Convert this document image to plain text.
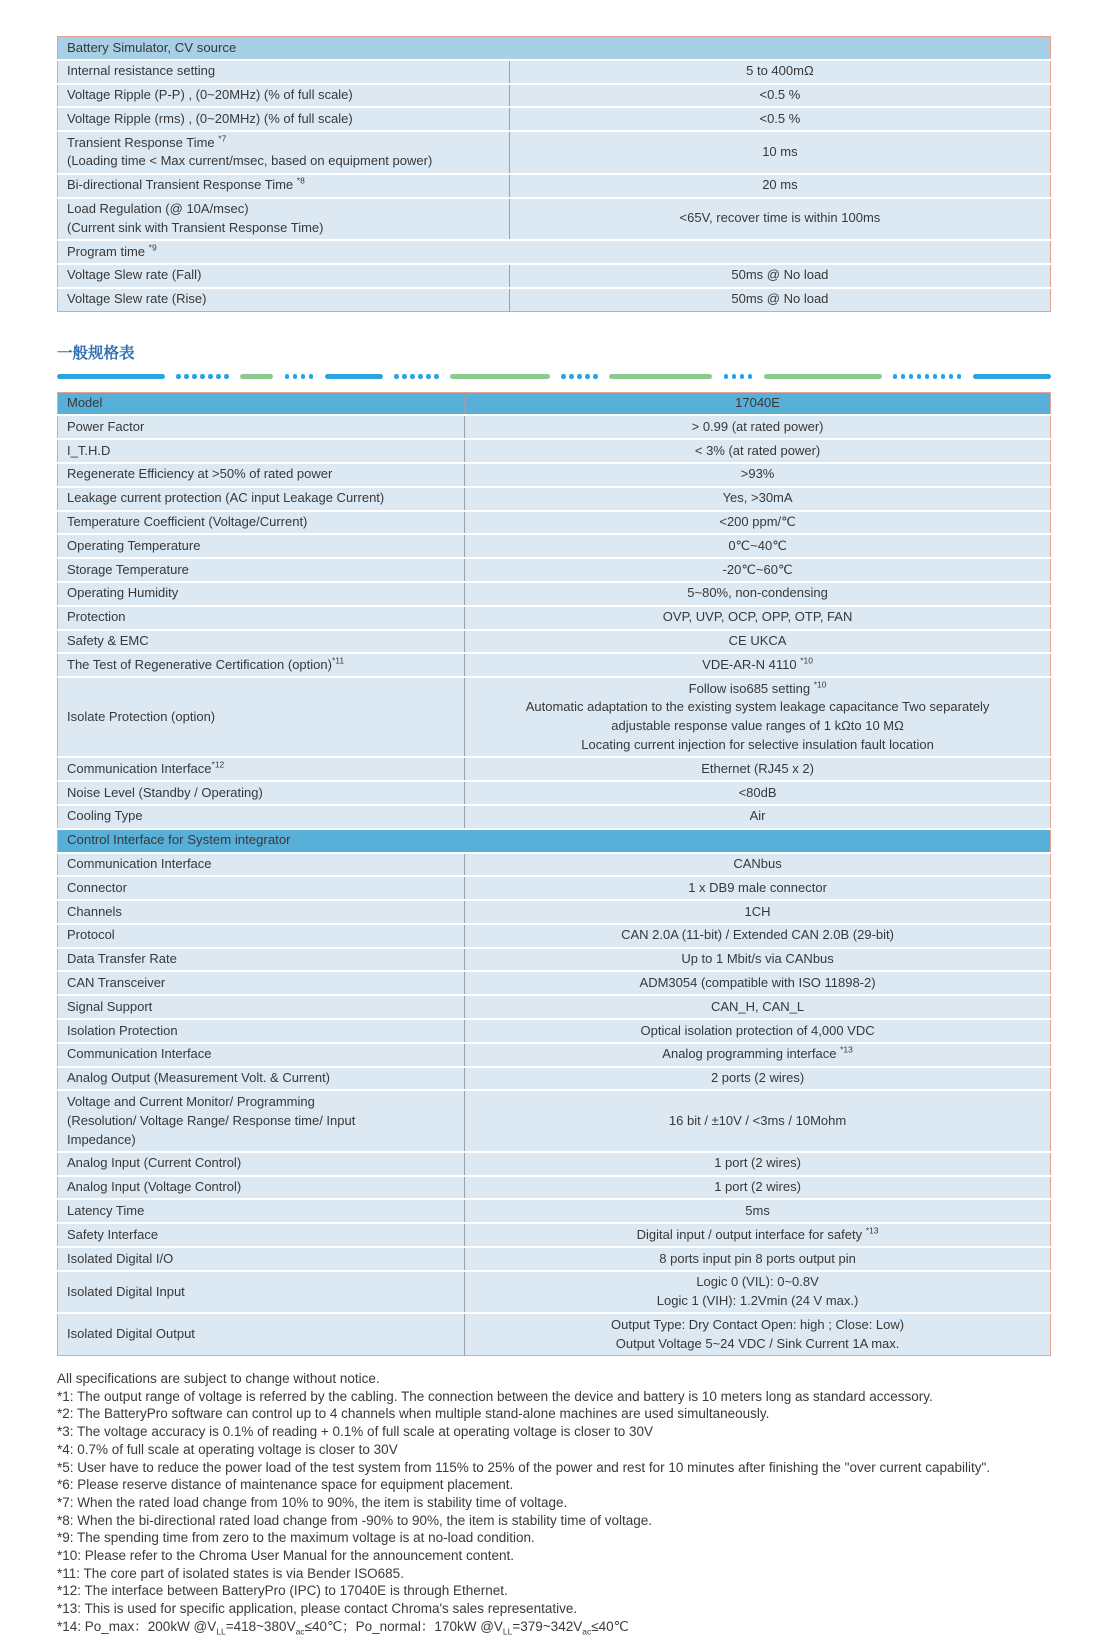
Battery Simulator, CV source	

Internal resistance setting	5 to 400mΩ

Voltage Ripple (P-P) , (0~20MHz) (% of full scale)	<0.5 %

Voltage Ripple (rms) , (0~20MHz) (% of full scale)	<0.5 %

Transient Response Time $^{*7}$
(Loading time < Max current/msec, based on equipment power)	10 ms

Bi-directional Transient Response Time $^{*8}$	20 ms

Load Regulation (@ 10A/msec)
(Current sink with Transient Response Time)	<65V, recover time is within 100ms

Program time $^{*9}$

Voltage Slew rate (Fall)	50ms @ No load

Voltage Slew rate (Rise)	50ms @ No load
一般规格表
Model	17040E

Power Factor	> 0.99 (at rated power)

I_T.H.D	< 3% (at rated power)

Regenerate Efficiency at >50% of rated power	>93%

Leakage current protection (AC input Leakage Current)	Yes, >30mA

Temperature Coefficient (Voltage/Current)	<200 ppm/℃

Operating Temperature	0℃~40℃

Storage Temperature	-20℃~60℃

Operating Humidity	5~80%, non-condensing

Protection	OVP, UVP, OCP, OPP, OTP, FAN

Safety & EMC	CE UKCA

The Test of Regenerative Certification (option)$^{*11}$	VDE-AR-N 4110 $^{*10}$

Isolate Protection (option)	Follow iso685 setting $^{*10}$
Automatic adaptation to the existing system leakage capacitance Two separately
adjustable response value ranges of 1 kΩto 10 MΩ
Locating current injection for selective insulation fault location

Communication Interface$^{*12}$	Ethernet (RJ45 x 2)

Noise Level (Standby / Operating)	<80dB

Cooling Type	Air

Control Interface for System integrator	

Communication Interface	CANbus

Connector	1 x DB9 male connector

Channels	1CH

Protocol	CAN 2.0A (11-bit) / Extended CAN 2.0B (29-bit)

Data Transfer Rate	Up to 1 Mbit/s via CANbus

CAN Transceiver	ADM3054 (compatible with ISO 11898-2)

Signal Support	CAN_H, CAN_L

Isolation Protection	Optical isolation protection of 4,000 VDC

Communication Interface	Analog programming interface $^{*13}$

Analog Output (Measurement Volt. & Current)	2 ports (2 wires)

Voltage and Current Monitor/ Programming
(Resolution/ Voltage Range/ Response time/ Input
Impedance)	16 bit / ±10V / <3ms / 10Mohm

Analog Input (Current Control)	1 port (2 wires)

Analog Input (Voltage Control)	1 port (2 wires)

Latency Time	5ms

Safety Interface	Digital input / output interface for safety $^{*13}$

Isolated Digital I/O	8 ports input pin 8 ports output pin

Isolated Digital Input	Logic 0 (VIL): 0~0.8V
Logic 1 (VIH): 1.2Vmin (24 V max.)

Isolated Digital Output	Output Type: Dry Contact Open: high ; Close: Low)
Output Voltage 5~24 VDC / Sink Current 1A max.
All specifications are subject to change without notice.
*1: The output range of voltage is referred by the cabling. The connection between the device and battery is 10 meters long as standard accessory.
*2: The BatteryPro software can control up to 4 channels when multiple stand-alone machines are used simultaneously.
*3: The voltage accuracy is 0.1% of reading + 0.1% of full scale at operating voltage is closer to 30V
*4: 0.7% of full scale at operating voltage is closer to 30V
*5: User have to reduce the power load of the test system from 115% to 25% of the power and rest for 10 minutes after finishing the "over current capability".
*6: Please reserve distance of maintenance space for equipment placement.
*7: When the rated load change from 10% to 90%, the item is stability time of voltage.
*8: When the bi-directional rated load change from -90% to 90%, the item is stability time of voltage.
*9: The spending time from zero to the maximum voltage is at no-load condition.
*10: Please refer to the Chroma User Manual for the announcement content.
*11: The core part of isolated states is via Bender ISO685.
*12: The interface between BatteryPro (IPC) to 17040E is through Ethernet.
*13: This is used for specific application, please contact Chroma's sales representative.
*14: Po_max：200kW $@V_{LL}=418\sim 380V_{ac}\le 40℃$；Po_normal：170kW $@V_{LL}=379\sim 342V_{ac}\le 40℃$
